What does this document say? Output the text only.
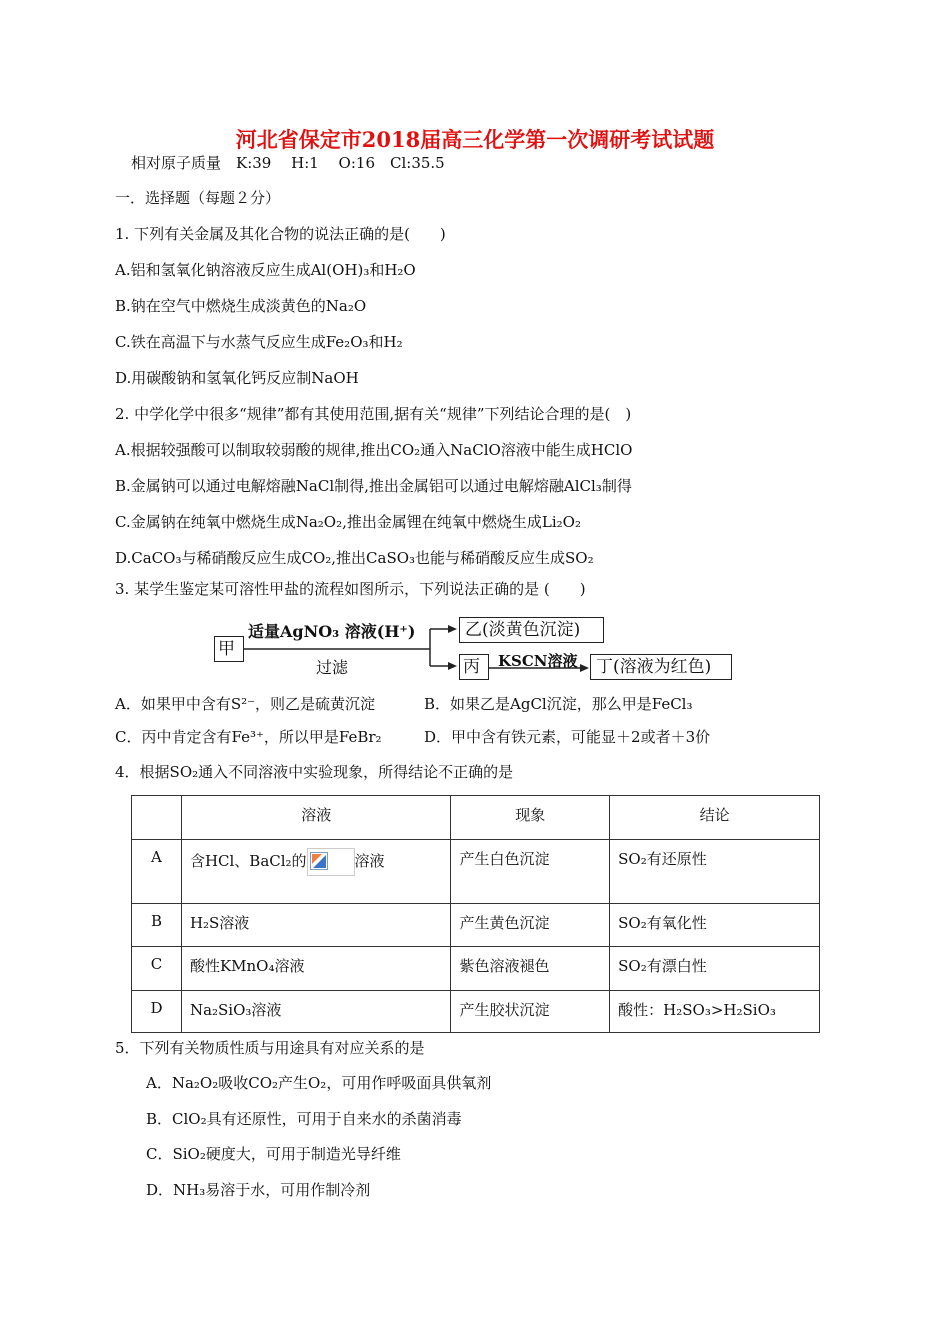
河北省保定市2018届高三化学第一次调研考试试题
相对原子质量　K:39　 H:1 　O:16　Cl:35.5
一．选择题（每题２分）
1. 下列有关金属及其化合物的说法正确的是(　　)
A.铝和氢氧化钠溶液反应生成Al(OH)₃和H₂O
B.钠在空气中燃烧生成淡黄色的Na₂O
C.铁在高温下与水蒸气反应生成Fe₂O₃和H₂
D.用碳酸钠和氢氧化钙反应制NaOH
2. 中学化学中很多“规律”都有其使用范围,据有关“规律”下列结论合理的是(　)
A.根据较强酸可以制取较弱酸的规律,推出CO₂通入NaClO溶液中能生成HClO
B.金属钠可以通过电解熔融NaCl制得,推出金属铝可以通过电解熔融AlCl₃制得
C.金属钠在纯氧中燃烧生成Na₂O₂,推出金属锂在纯氧中燃烧生成Li₂O₂
D.CaCO₃与稀硝酸反应生成CO₂,推出CaSO₃也能与稀硝酸反应生成SO₂
3. 某学生鉴定某可溶性甲盐的流程如图所示，下列说法正确的是 (　　)
甲
适量AgNO₃ 溶液(H⁺)
过滤
乙(淡黄色沉淀)
丙	KSCN溶液	丁(溶液为红色)
A．如果甲中含有S²⁻，则乙是硫黄沉淀	B．如果乙是AgCl沉淀，那么甲是FeCl₃
C．丙中肯定含有Fe³⁺，所以甲是FeBr₂	D．甲中含有铁元素，可能显＋2或者＋3价
4．根据SO₂通入不同溶液中实验现象，所得结论不正确的是
	溶液	现象	结论
A	含HCl、BaCl₂的 溶液	产生白色沉淀	SO₂有还原性
B	H₂S溶液	产生黄色沉淀	SO₂有氧化性
C	酸性KMnO₄溶液	紫色溶液褪色	SO₂有漂白性
D	Na₂SiO₃溶液	产生胶状沉淀	酸性：H₂SO₃>H₂SiO₃
5．下列有关物质性质与用途具有对应关系的是
A．Na₂O₂吸收CO₂产生O₂，可用作呼吸面具供氧剂
B．ClO₂具有还原性，可用于自来水的杀菌消毒
C．SiO₂硬度大，可用于制造光导纤维
D．NH₃易溶于水，可用作制冷剂
